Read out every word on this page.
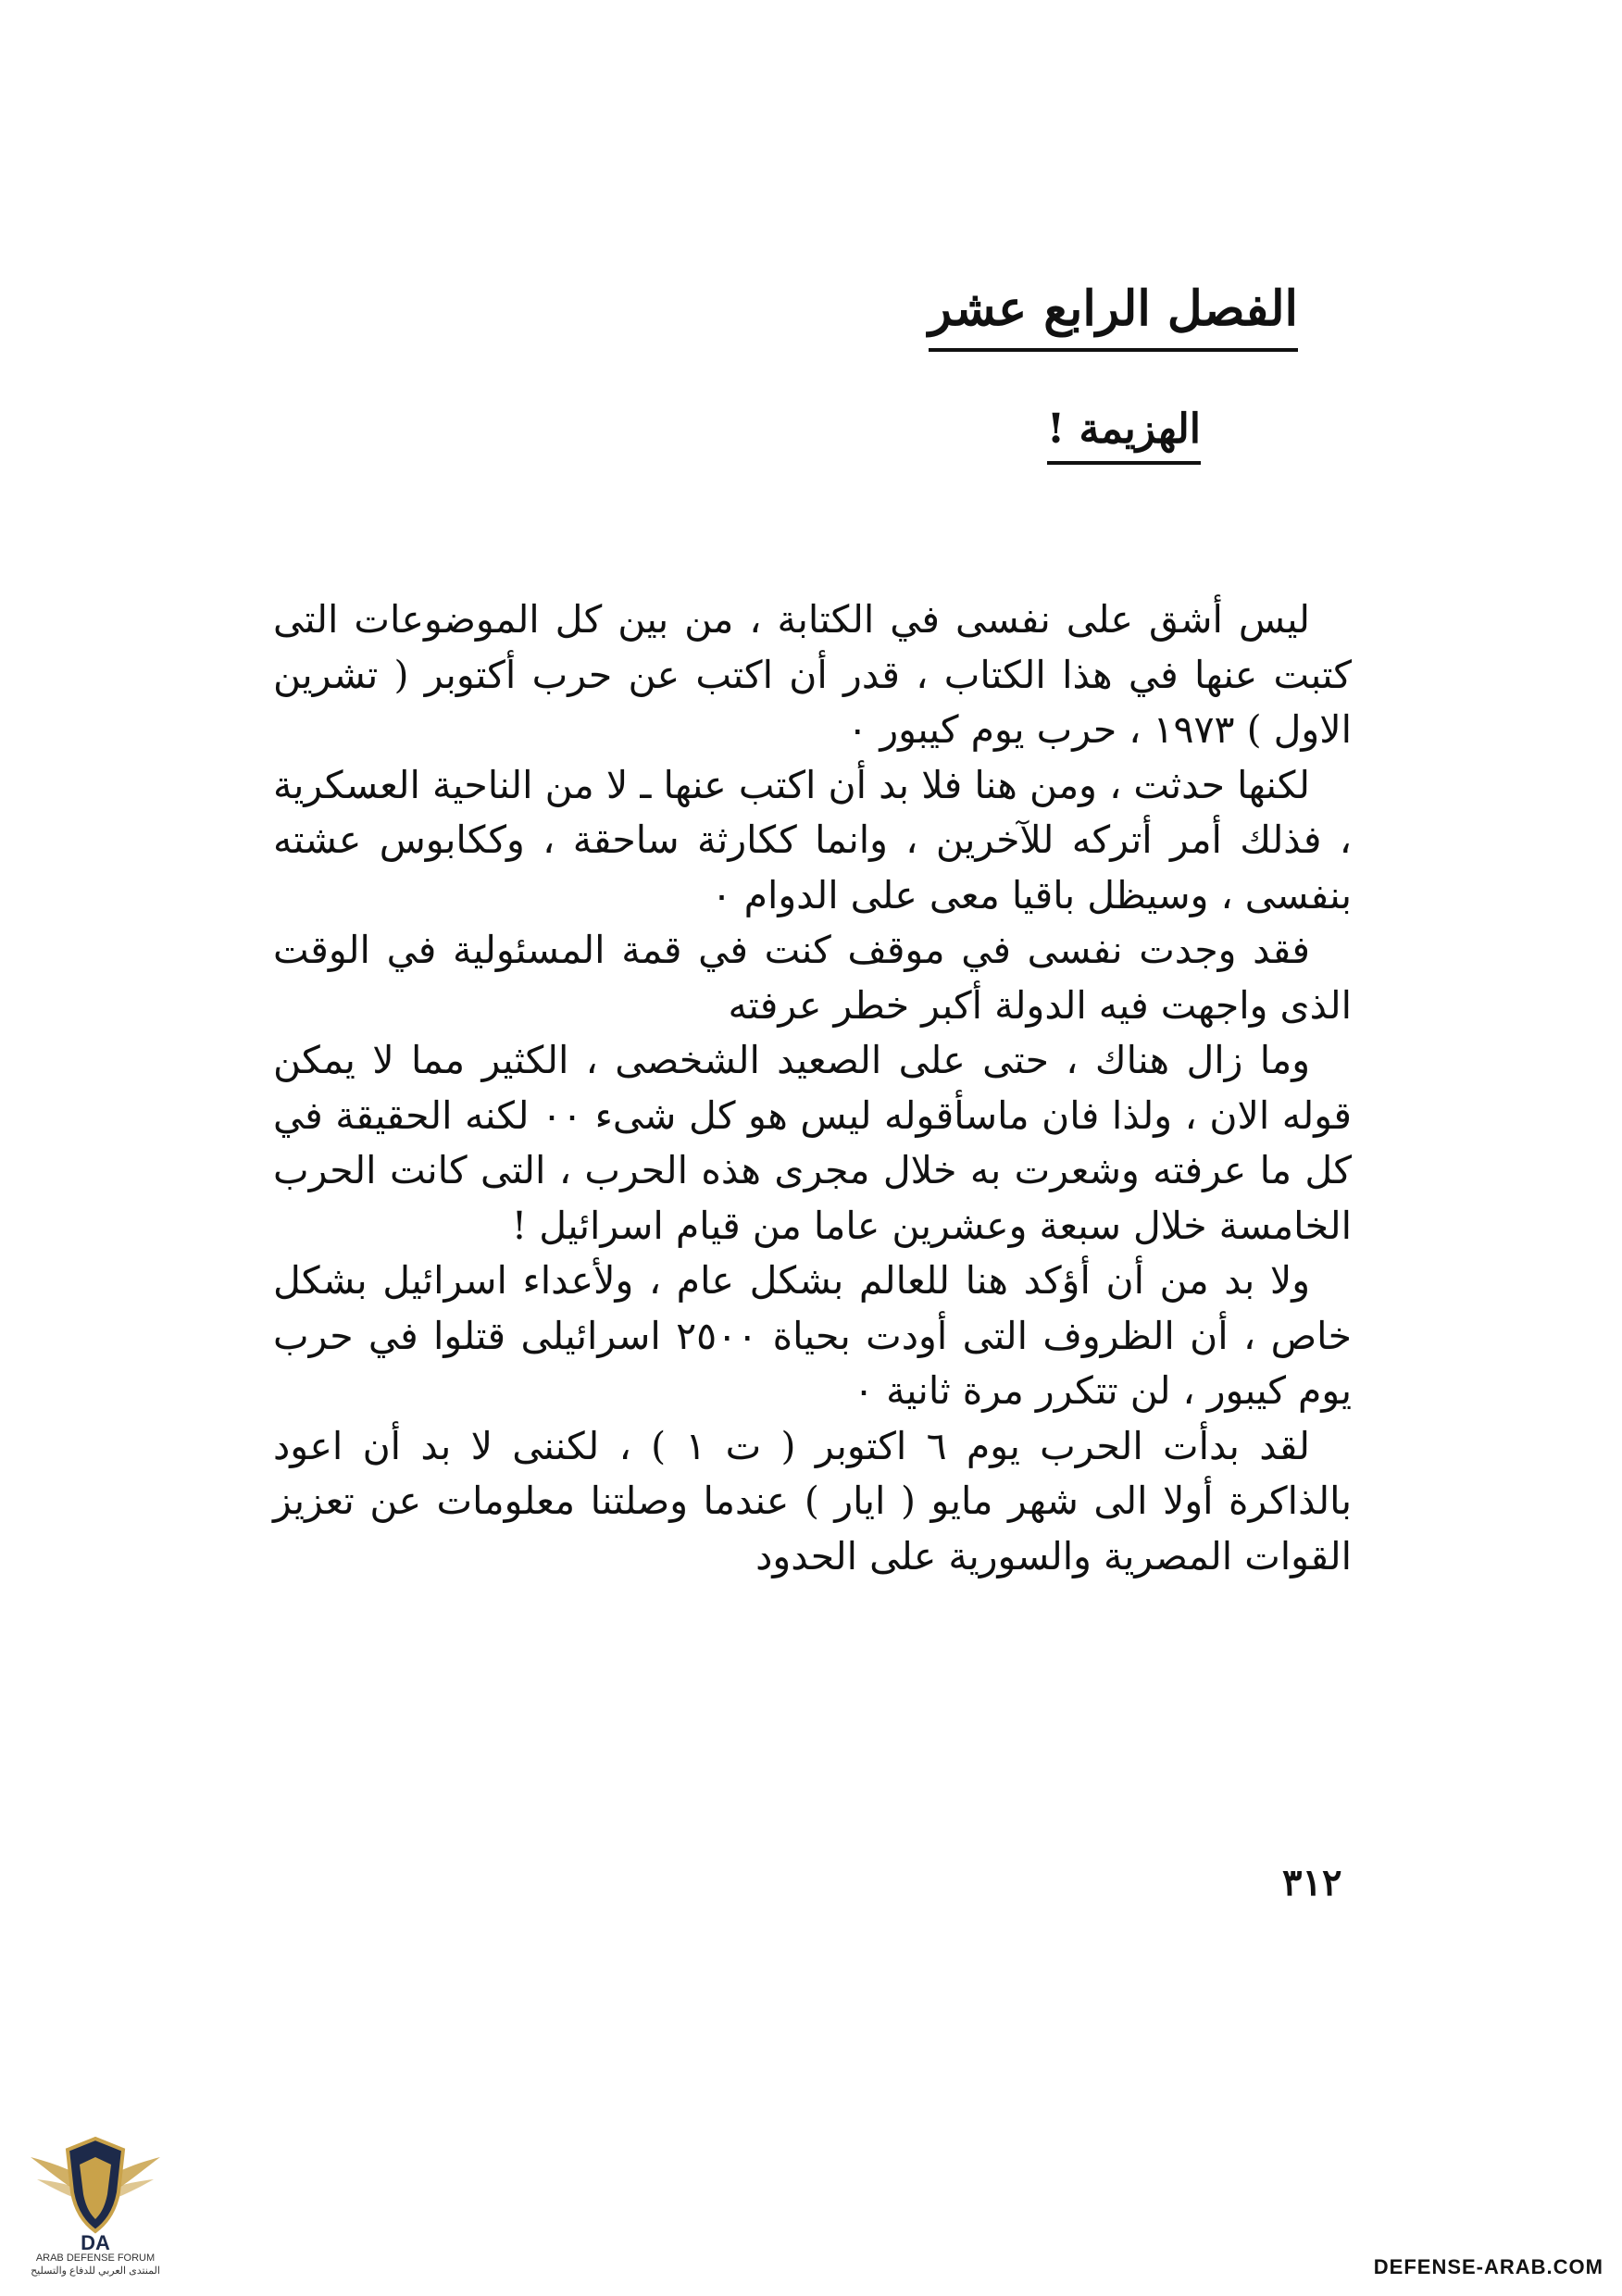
الفصل الرابع عشر
الهزيمة !

ليس أشق على نفسى في الكتابة ، من بين كل الموضوعات التى كتبت عنها في هذا الكتاب ، قدر أن اكتب عن حرب أكتوبر ( تشرين الاول ) ١٩٧٣ ، حرب يوم كيبور ٠

لكنها حدثت ، ومن هنا فلا بد أن اكتب عنها ـ لا من الناحية العسكرية ، فذلك أمر أتركه للآخرين ، وانما ككارثة ساحقة ، وككابوس عشته بنفسى ، وسيظل باقيا معى على الدوام ٠

فقد وجدت نفسى في موقف كنت في قمة المسئولية في الوقت الذى واجهت فيه الدولة أكبر خطر عرفته

وما زال هناك ، حتى على الصعيد الشخصى ، الكثير مما لا يمكن قوله الان ، ولذا فان ماسأقوله ليس هو كل شىء ٠٠ لكنه الحقيقة في كل ما عرفته وشعرت به خلال مجرى هذه الحرب ، التى كانت الحرب الخامسة خلال سبعة وعشرين عاما من قيام اسرائيل !

ولا بد من أن أؤكد هنا للعالم بشكل عام ، ولأعداء اسرائيل بشكل خاص ، أن الظروف التى أودت بحياة ٢٥٠٠ اسرائيلى قتلوا في حرب يوم كيبور ، لن تتكرر مرة ثانية ٠

لقد بدأت الحرب يوم ٦ اكتوبر ( ت ١ ) ، لكننى لا بد أن اعود بالذاكرة أولا الى شهر مايو ( ايار ) عندما وصلتنا معلومات عن تعزيز القوات المصرية والسورية على الحدود

٣١٢
DA
ARAB DEFENSE FORUM
المنتدى العربي للدفاع والتسليح	DEFENSE-ARAB.COM
